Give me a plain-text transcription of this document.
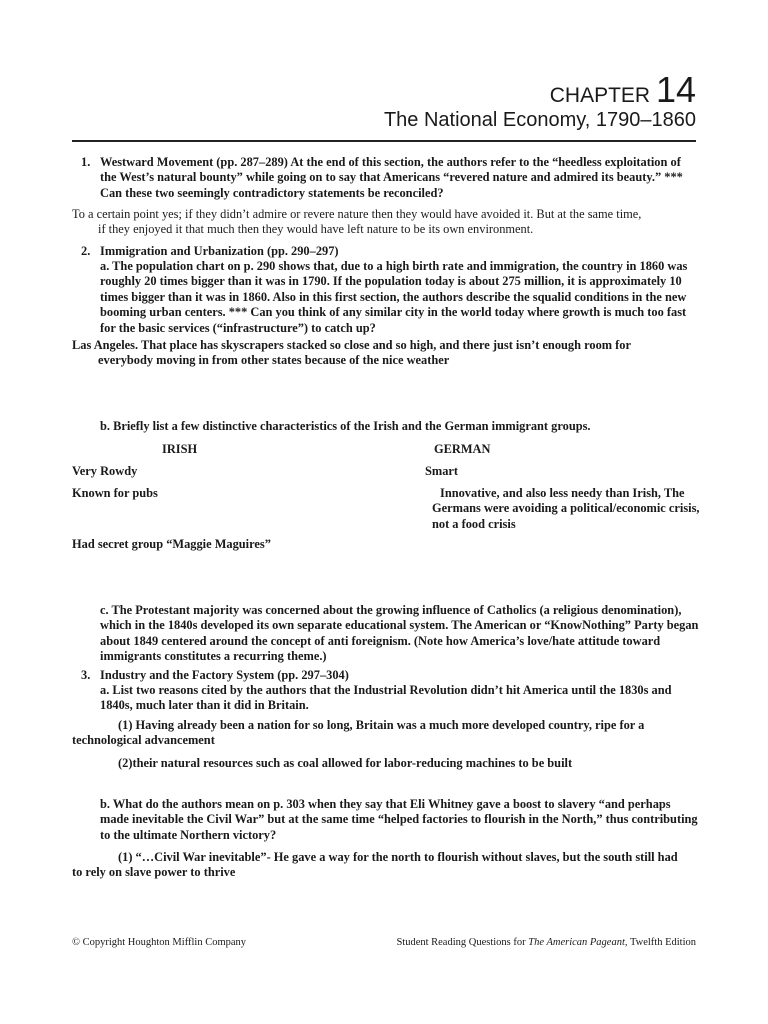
CHAPTER 14
The National Economy, 1790–1860
1. Westward Movement (pp. 287–289) At the end of this section, the authors refer to the “heedless exploitation of the West’s natural bounty” while going on to say that Americans “revered nature and admired its beauty.” *** Can these two seemingly contradictory statements be reconciled?
To a certain point yes; if they didn’t admire or revere nature then they would have avoided it. But at the same time,
if they enjoyed it that much then they would have left nature to be its own environment.
2. Immigration and Urbanization (pp. 290–297)
a. The population chart on p. 290 shows that, due to a high birth rate and immigration, the country in 1860 was roughly 20 times bigger than it was in 1790. If the population today is about 275 million, it is approximately 10 times bigger than it was in 1860. Also in this first section, the authors describe the squalid conditions in the new booming urban centers. *** Can you think of any similar city in the world today where growth is much too fast for the basic services (“infrastructure”) to catch up?
Las Angeles. That place has skyscrapers stacked so close and so high, and there just isn’t enough room for
everybody moving in from other states because of the nice weather
b. Briefly list a few distinctive characteristics of the Irish and the German immigrant groups.
IRISH	GERMAN
Very Rowdy
Known for pubs
Had secret group “Maggie Maguires”
Smart
Innovative, and also less needy than Irish, The Germans were avoiding a political/economic crisis, not a food crisis
c. The Protestant majority was concerned about the growing influence of Catholics (a religious denomination), which in the 1840s developed its own separate educational system. The American or “KnowNothing” Party began about 1849 centered around the concept of anti foreignism. (Note how America’s love/hate attitude toward immigrants constitutes a recurring theme.)
3. Industry and the Factory System (pp. 297–304)
a. List two reasons cited by the authors that the Industrial Revolution didn’t hit America until the 1830s and 1840s, much later than it did in Britain.
(1) Having already been a nation for so long, Britain was a much more developed country, ripe for a
technological advancement
(2)their natural resources such as coal allowed for labor-reducing machines to be built
b. What do the authors mean on p. 303 when they say that Eli Whitney gave a boost to slavery “and perhaps made inevitable the Civil War” but at the same time “helped factories to flourish in the North,” thus contributing to the ultimate Northern victory?
(1) “…Civil War inevitable”- He gave a way for the north to flourish without slaves, but the south still had
to rely on slave power to thrive
© Copyright Houghton Mifflin Company	Student Reading Questions for The American Pageant, Twelfth Edition
